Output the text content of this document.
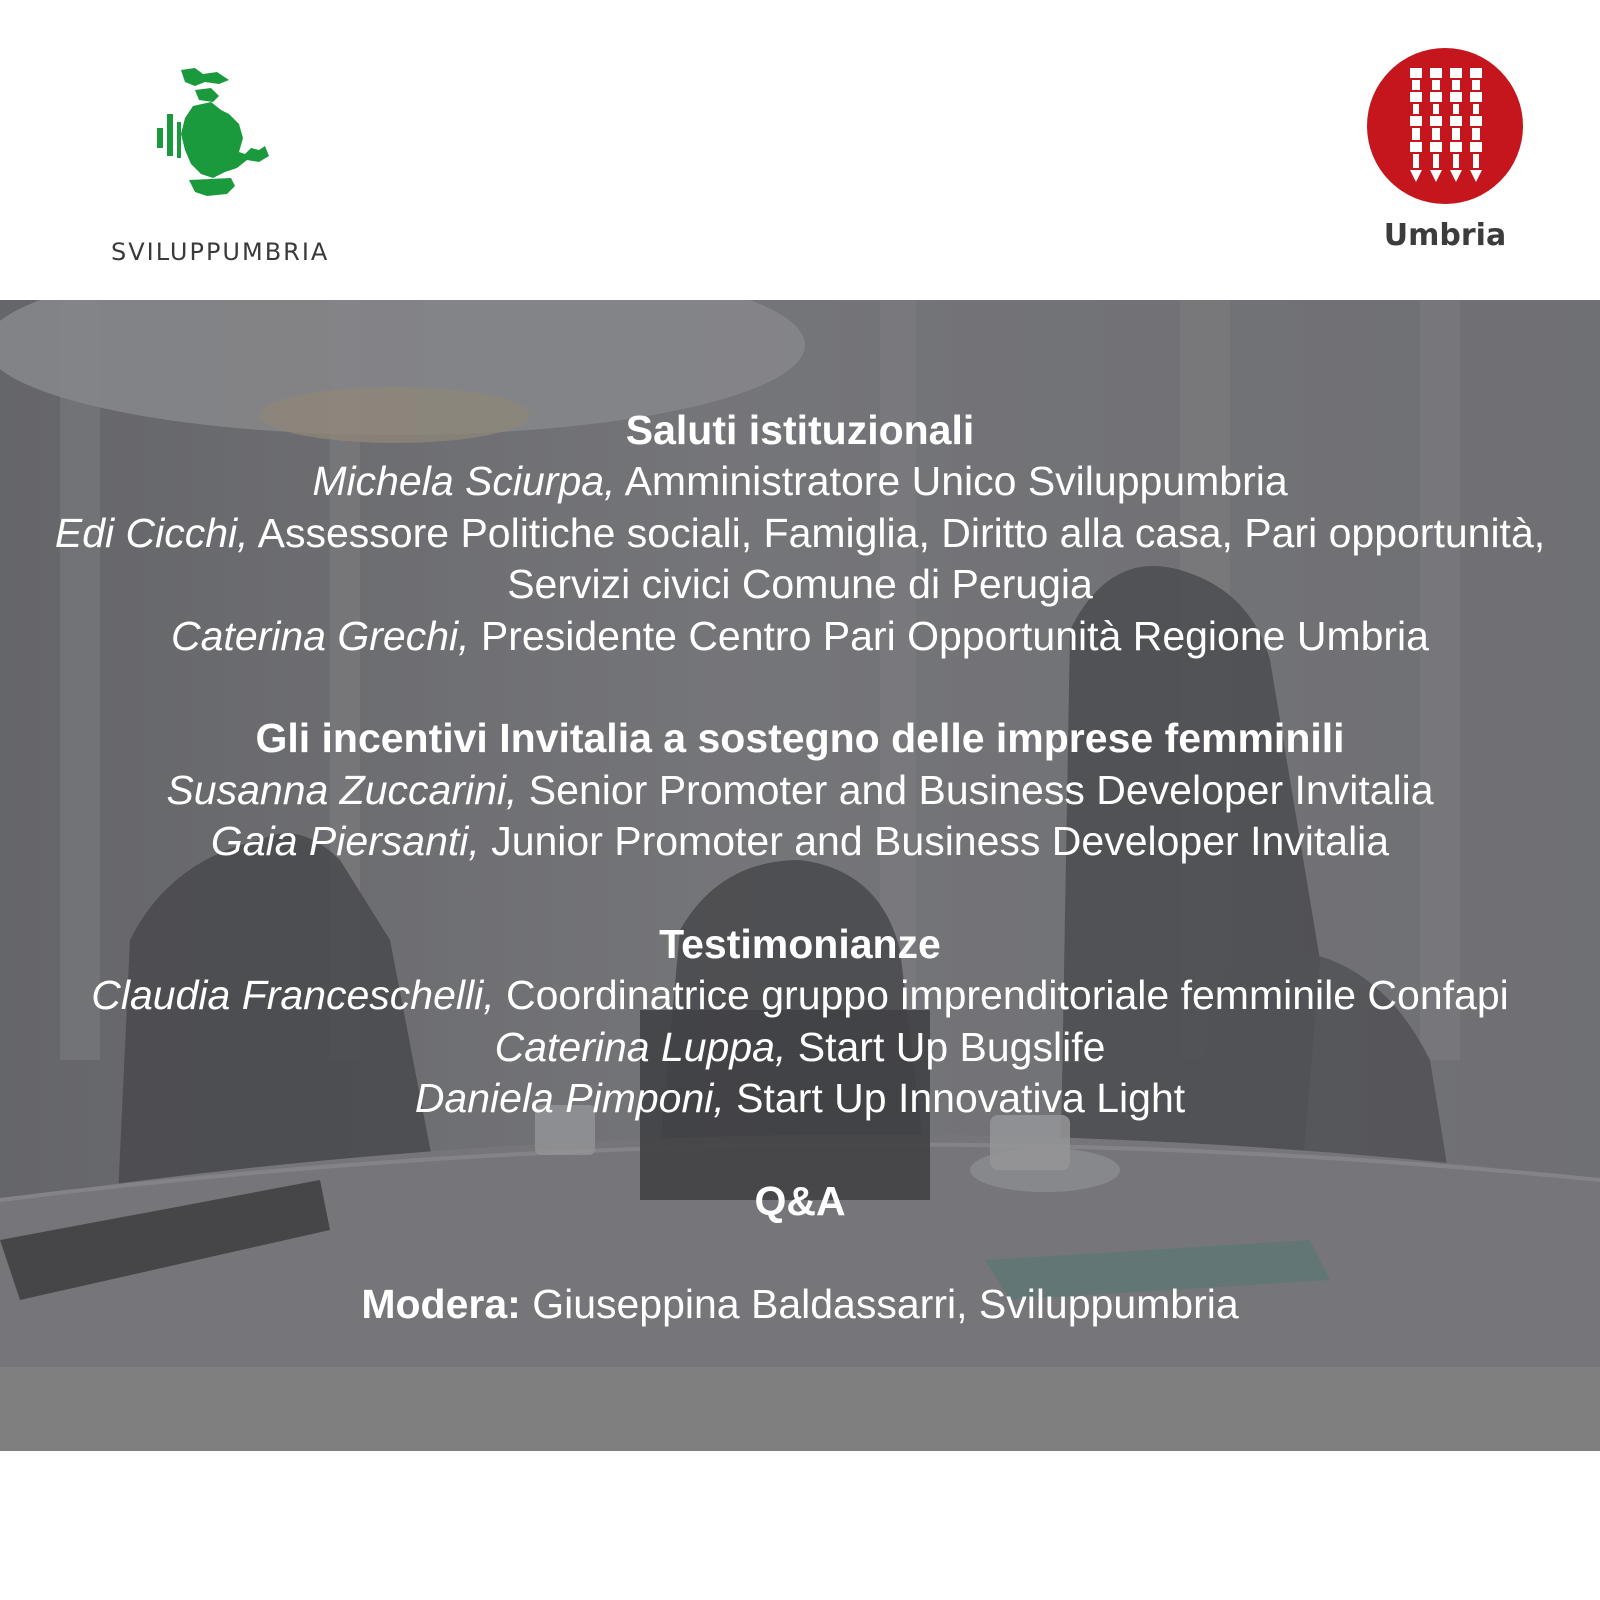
SVILUPPUMBRIA	Umbria
Saluti istituzionali
Michela Sciurpa, Amministratore Unico Sviluppumbria
Edi Cicchi, Assessore Politiche sociali, Famiglia, Diritto alla casa, Pari opportunità,
Servizi civici Comune di Perugia
Caterina Grechi, Presidente Centro Pari Opportunità Regione Umbria
Gli incentivi Invitalia a sostegno delle imprese femminili
Susanna Zuccarini, Senior Promoter and Business Developer Invitalia
Gaia Piersanti, Junior Promoter and Business Developer Invitalia
Testimonianze
Claudia Franceschelli, Coordinatrice gruppo imprenditoriale femminile Confapi
Caterina Luppa, Start Up Bugslife
Daniela Pimponi, Start Up Innovativa Light
Q&A
Modera: Giuseppina Baldassarri, Sviluppumbria
